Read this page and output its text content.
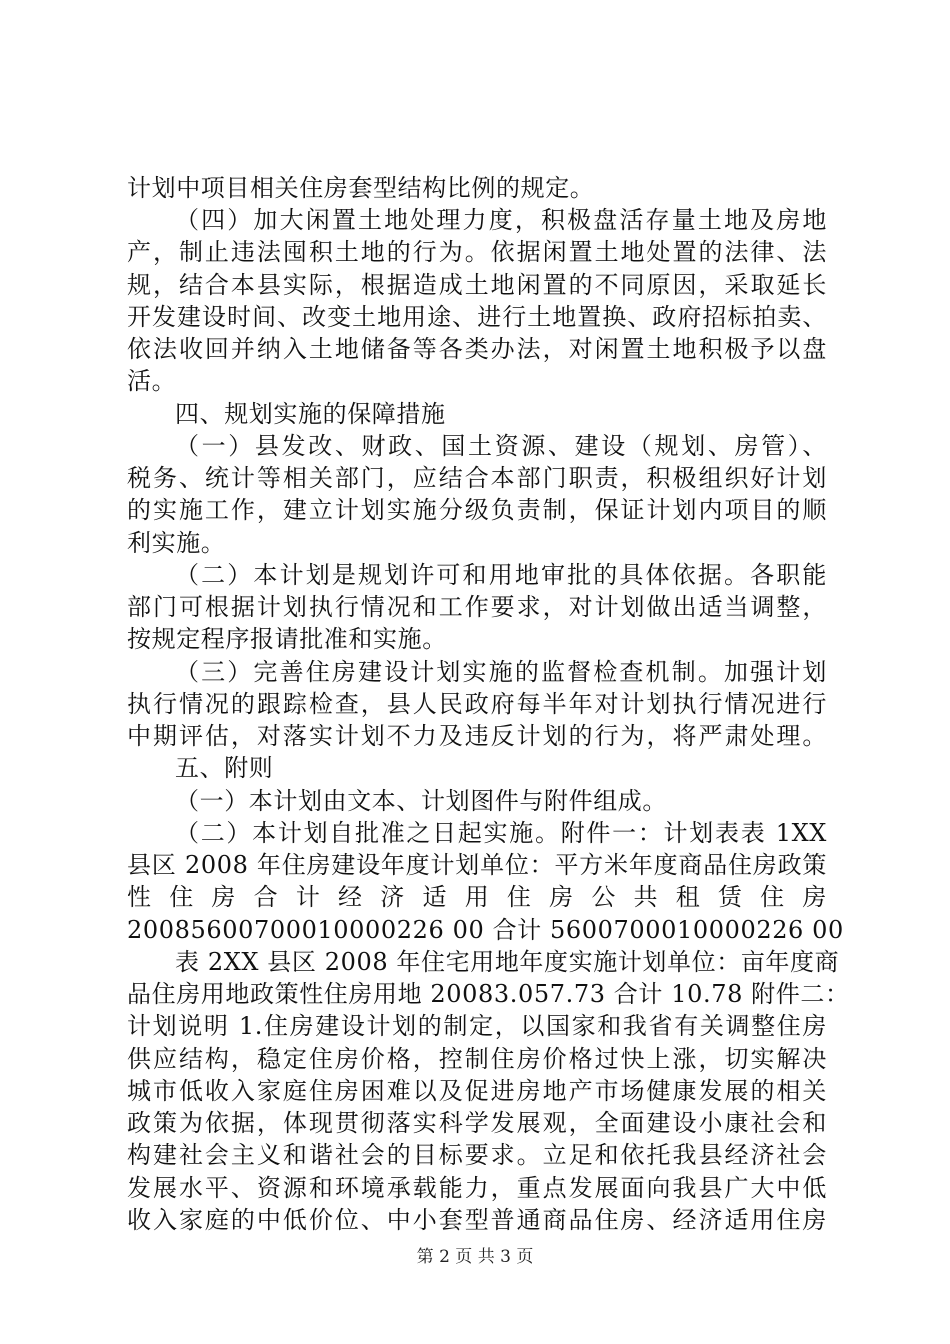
计划中项目相关住房套型结构比例的规定。
（四）加大闲置土地处理力度，积极盘活存量土地及房地
产，制止违法囤积土地的行为。依据闲置土地处置的法律、法
规，结合本县实际，根据造成土地闲置的不同原因，采取延长
开发建设时间、改变土地用途、进行土地置换、政府招标拍卖、
依法收回并纳入土地储备等各类办法，对闲置土地积极予以盘
活。
四、规划实施的保障措施
（一）县发改、财政、国土资源、建设（规划、房管）、
税务、统计等相关部门，应结合本部门职责，积极组织好计划
的实施工作，建立计划实施分级负责制，保证计划内项目的顺
利实施。
（二）本计划是规划许可和用地审批的具体依据。各职能
部门可根据计划执行情况和工作要求，对计划做出适当调整，
按规定程序报请批准和实施。
（三）完善住房建设计划实施的监督检查机制。加强计划
执行情况的跟踪检查，县人民政府每半年对计划执行情况进行
中期评估，对落实计划不力及违反计划的行为，将严肃处理。
五、附则
（一）本计划由文本、计划图件与附件组成。
（二）本计划自批准之日起实施。附件一：计划表表 1XX
县区 2008 年住房建设年度计划单位：平方米年度商品住房政策
性 住 房 合 计 经 济 适 用 住 房 公 共 租 赁 住 房
20085600700010000226 00 合计 5600700010000226 00
表 2XX 县区 2008 年住宅用地年度实施计划单位：亩年度商
品住房用地政策性住房用地 20083.057.73 合计 10.78 附件二：
计划说明 1.住房建设计划的制定，以国家和我省有关调整住房
供应结构，稳定住房价格，控制住房价格过快上涨，切实解决
城市低收入家庭住房困难以及促进房地产市场健康发展的相关
政策为依据，体现贯彻落实科学发展观，全面建设小康社会和
构建社会主义和谐社会的目标要求。立足和依托我县经济社会
发展水平、资源和环境承载能力，重点发展面向我县广大中低
收入家庭的中低价位、中小套型普通商品住房、经济适用住房
第 2 页 共 3 页
